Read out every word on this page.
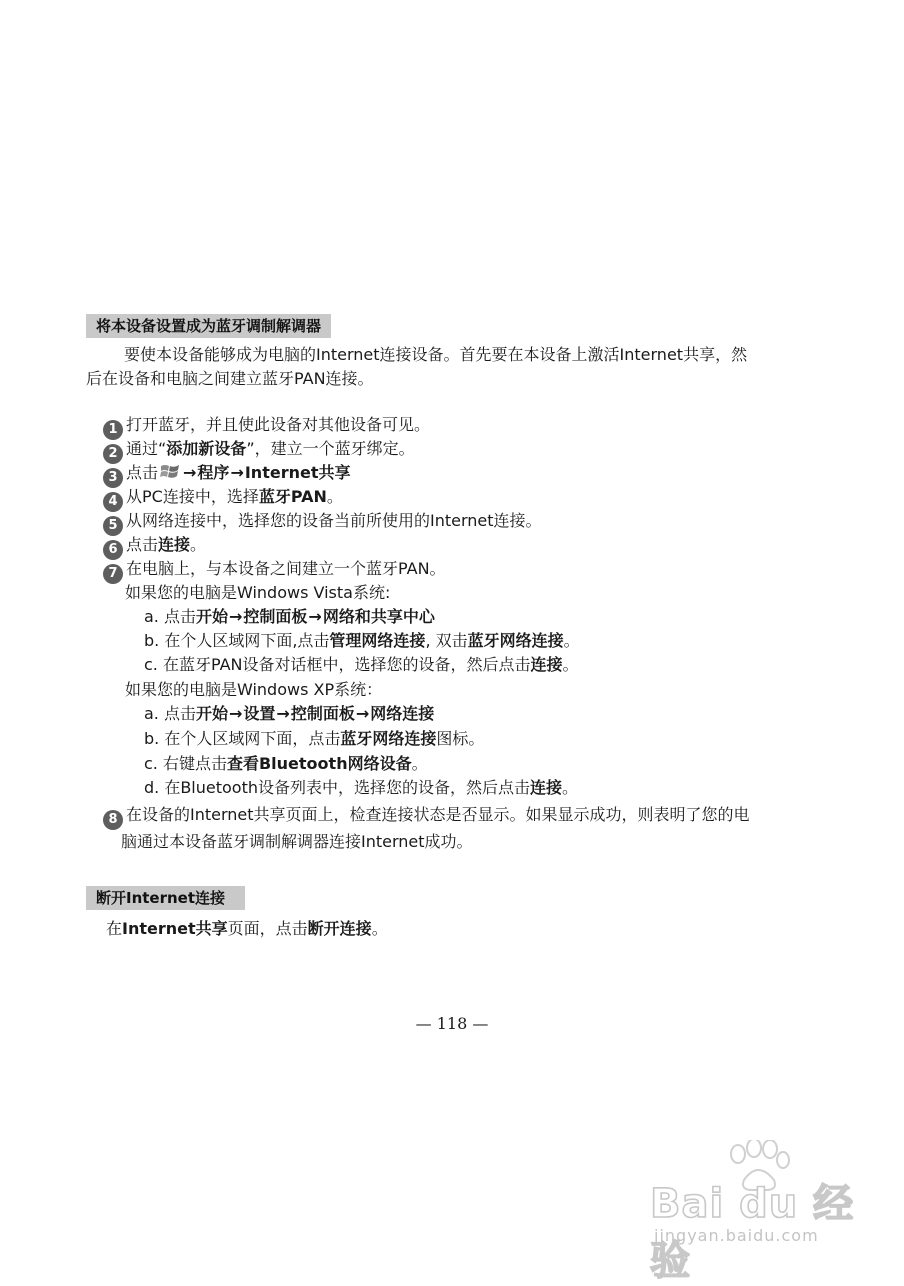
将本设备设置成为蓝牙调制解调器
要使本设备能够成为电脑的Internet连接设备。首先要在本设备上激活Internet共享，然
后在设备和电脑之间建立蓝牙PAN连接。
1 打开蓝牙，并且使此设备对其他设备可见。
2 通过“添加新设备”，建立一个蓝牙绑定。
3 点击 →程序→Internet共享
4 从PC连接中，选择蓝牙PAN。
5 从网络连接中，选择您的设备当前所使用的Internet连接。
6 点击连接。
7 在电脑上，与本设备之间建立一个蓝牙PAN。
如果您的电脑是Windows Vista系统:
a. 点击开始→控制面板→网络和共享中心
b. 在个人区域网下面,点击管理网络连接, 双击蓝牙网络连接。
c. 在蓝牙PAN设备对话框中，选择您的设备，然后点击连接。
如果您的电脑是Windows XP系统：
a. 点击开始→设置→控制面板→网络连接
b. 在个人区域网下面，点击蓝牙网络连接图标。
c. 右键点击查看Bluetooth网络设备。
d. 在Bluetooth设备列表中，选择您的设备，然后点击连接。
8 在设备的Internet共享页面上，检查连接状态是否显示。如果显示成功，则表明了您的电
脑通过本设备蓝牙调制解调器连接Internet成功。
断开Internet连接
在Internet共享页面，点击断开连接。
— 118 —
Bai du 经验
jingyan.baidu.com
